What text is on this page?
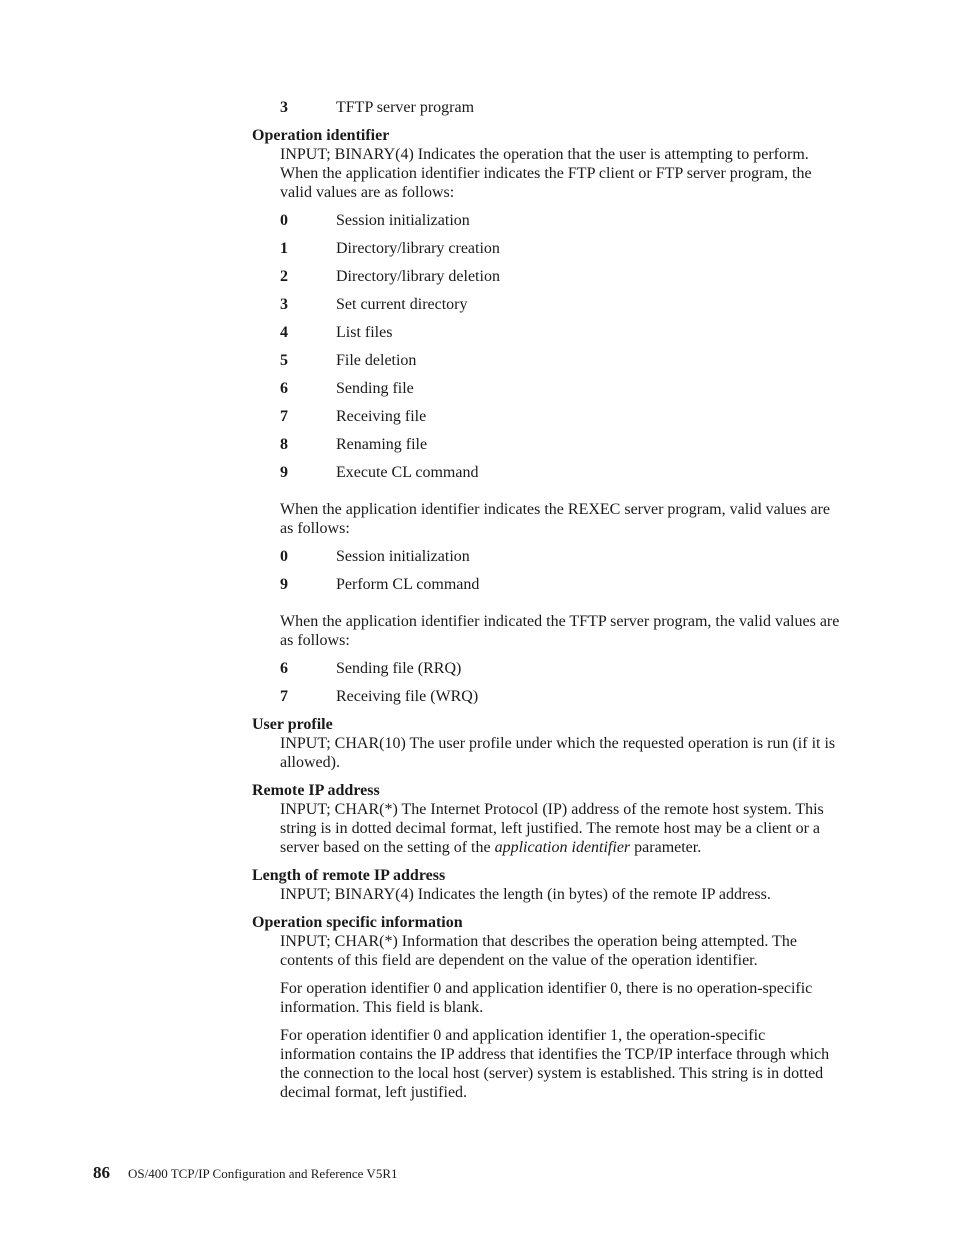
3	TFTP server program

Operation identifier

INPUT; BINARY(4) Indicates the operation that the user is attempting to perform. When the application identifier indicates the FTP client or FTP server program, the valid values are as follows:

0	Session initialization
1	Directory/library creation
2	Directory/library deletion
3	Set current directory
4	List files
5	File deletion
6	Sending file
7	Receiving file
8	Renaming file
9	Execute CL command

When the application identifier indicates the REXEC server program, valid values are as follows:

0	Session initialization
9	Perform CL command

When the application identifier indicated the TFTP server program, the valid values are as follows:

6	Sending file (RRQ)
7	Receiving file (WRQ)

User profile

INPUT; CHAR(10) The user profile under which the requested operation is run (if it is allowed).

Remote IP address

INPUT; CHAR(*) The Internet Protocol (IP) address of the remote host system. This string is in dotted decimal format, left justified. The remote host may be a client or a server based on the setting of the application identifier parameter.

Length of remote IP address

INPUT; BINARY(4) Indicates the length (in bytes) of the remote IP address.

Operation specific information

INPUT; CHAR(*) Information that describes the operation being attempted. The contents of this field are dependent on the value of the operation identifier.

For operation identifier 0 and application identifier 0, there is no operation-specific information. This field is blank.

For operation identifier 0 and application identifier 1, the operation-specific information contains the IP address that identifies the TCP/IP interface through which the connection to the local host (server) system is established. This string is in dotted decimal format, left justified.

86 OS/400 TCP/IP Configuration and Reference V5R1
